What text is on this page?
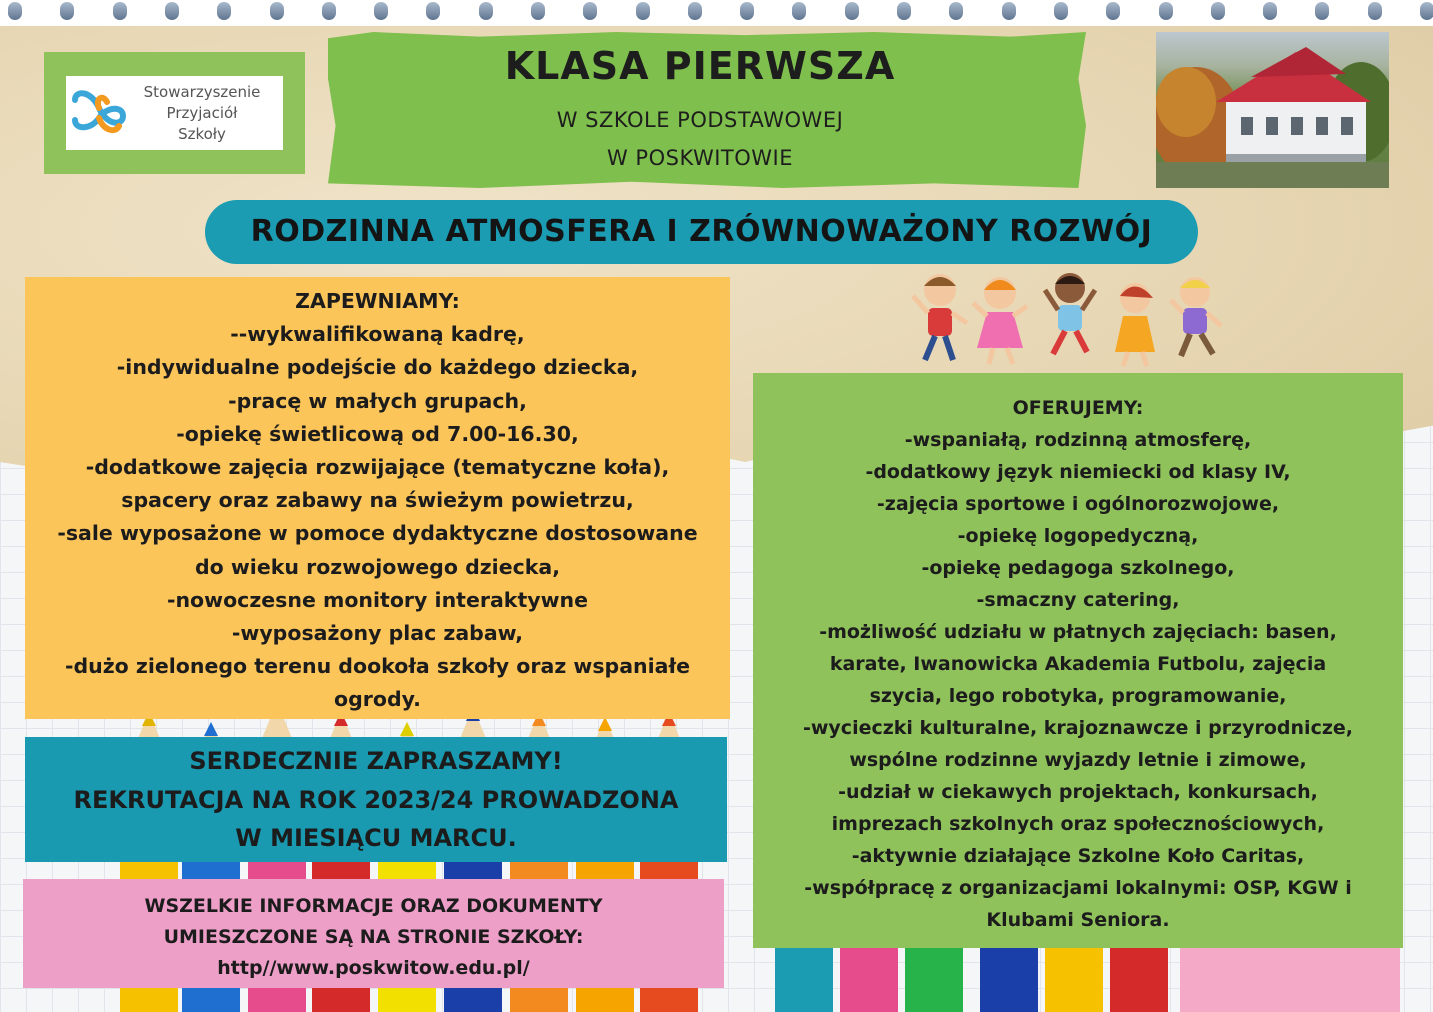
Stowarzyszenie
Przyjaciół
Szkoły
KLASA PIERWSZA
W SZKOLE PODSTAWOWEJ
W POSKWITOWIE
RODZINNA ATMOSFERA I ZRÓWNOWAŻONY ROZWÓJ
ZAPEWNIAMY:
--wykwalifikowaną kadrę,
-indywidualne podejście do każdego dziecka,
-pracę w małych grupach,
-opiekę świetlicową od 7.00-16.30,
-dodatkowe zajęcia rozwijające (tematyczne koła),
spacery oraz zabawy na świeżym powietrzu,
-sale wyposażone w pomoce dydaktyczne dostosowane
do wieku rozwojowego dziecka,
-nowoczesne monitory interaktywne
-wyposażony plac zabaw,
-dużo zielonego terenu dookoła szkoły oraz wspaniałe
ogrody.
OFERUJEMY:
-wspaniałą, rodzinną atmosferę,
-dodatkowy język niemiecki od klasy IV,
-zajęcia sportowe i ogólnorozwojowe,
-opiekę logopedyczną,
-opiekę pedagoga szkolnego,
-smaczny catering,
-możliwość udziału w płatnych zajęciach: basen,
karate, Iwanowicka Akademia Futbolu, zajęcia
szycia, lego robotyka, programowanie,
-wycieczki kulturalne, krajoznawcze i przyrodnicze,
wspólne rodzinne wyjazdy letnie i zimowe,
-udział w ciekawych projektach, konkursach,
imprezach szkolnych oraz społecznościowych,
-aktywnie działające Szkolne Koło Caritas,
-współpracę z organizacjami lokalnymi: OSP, KGW i
Klubami Seniora.
SERDECZNIE ZAPRASZAMY!
REKRUTACJA NA ROK 2023/24 PROWADZONA
W MIESIĄCU MARCU.
WSZELKIE INFORMACJE ORAZ DOKUMENTY
UMIESZCZONE SĄ NA STRONIE SZKOŁY:
http//www.poskwitow.edu.pl/
